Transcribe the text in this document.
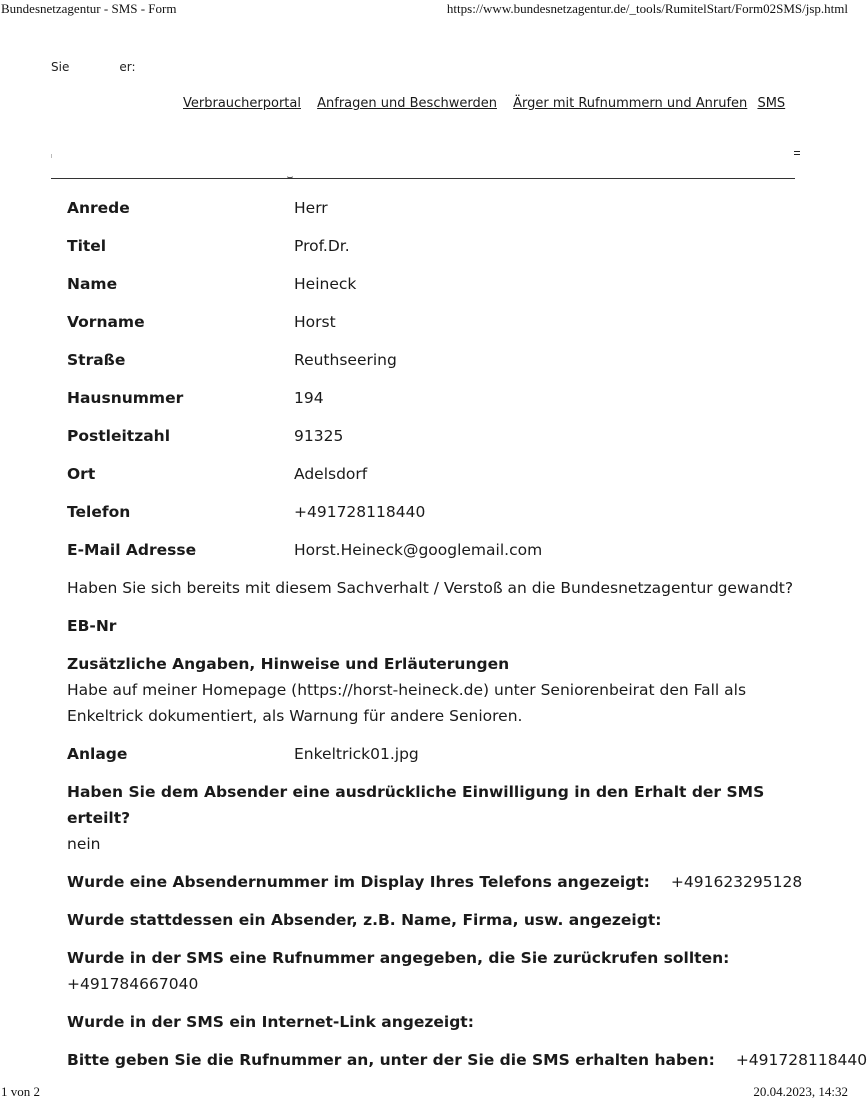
Bundesnetzagentur - SMS - Form	https://www.bundesnetzagentur.de/_tools/RumitelStart/Form02SMS/jsp.html
Sie	er:
Verbraucherportal Anfragen und Beschwerden Ärger mit Rufnummern und Anrufen SMS
Anrede	Herr
Titel	Prof.Dr.
Name	Heineck
Vorname	Horst
Straße	Reuthseering
Hausnummer	194
Postleitzahl	91325
Ort	Adelsdorf
Telefon	+491728118440
E-Mail Adresse	Horst.Heineck@googlemail.com
Haben Sie sich bereits mit diesem Sachverhalt / Verstoß an die Bundesnetzagentur gewandt?
EB-Nr
Zusätzliche Angaben, Hinweise und Erläuterungen
Habe auf meiner Homepage (https://horst-heineck.de) unter Seniorenbeirat den Fall als
Enkeltrick dokumentiert, als Warnung für andere Senioren.
Anlage	Enkeltrick01.jpg
Haben Sie dem Absender eine ausdrückliche Einwilligung in den Erhalt der SMS erteilt?
nein
Wurde eine Absendernummer im Display Ihres Telefons angezeigt: +491623295128
Wurde stattdessen ein Absender, z.B. Name, Firma, usw. angezeigt:
Wurde in der SMS eine Rufnummer angegeben, die Sie zurückrufen sollten:
+491784667040
Wurde in der SMS ein Internet-Link angezeigt:
Bitte geben Sie die Rufnummer an, unter der Sie die SMS erhalten haben: +491728118440
1 von 2	20.04.2023, 14:32
